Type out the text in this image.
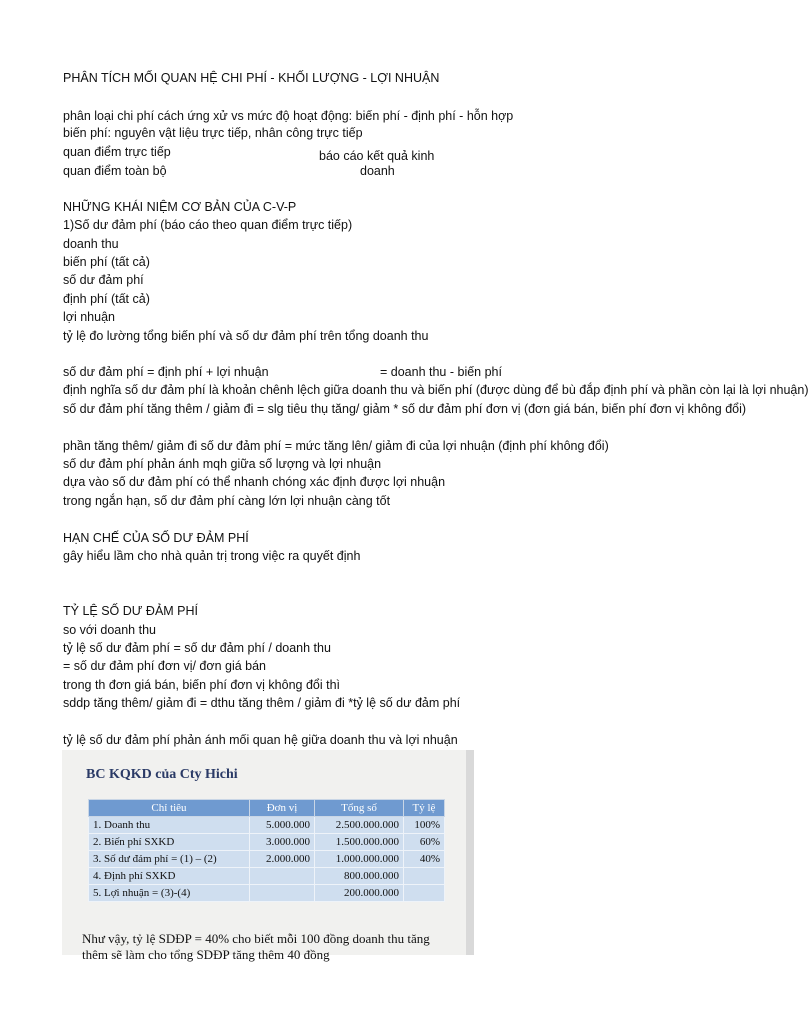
PHÂN TÍCH MỐI QUAN HỆ CHI PHÍ - KHỐI LƯỢNG - LỢI NHUẬN
phân loại chi phí cách ứng xử vs mức độ hoạt động: biến phí - định phí - hỗn hợp
biến phí: nguyên vật liệu trực tiếp, nhân công trực tiếp
quan điểm trực tiếp
quan điểm toàn bộ
báo cáo kết quả kinh
doanh
NHỮNG KHÁI NIỆM CƠ BẢN CỦA C-V-P
1)Số dư đảm phí (báo cáo theo quan điểm trực tiếp)
doanh thu
biến phí (tất cả)
số dư đảm phí
định phí (tất cả)
lợi nhuận
tỷ lệ đo lường tổng biến phí và số dư đảm phí trên tổng doanh thu
số dư đảm phí = định phí + lợi nhuận	= doanh thu - biến phí
định nghĩa số dư đảm phí là khoản chênh lệch giữa doanh thu và biến phí (được dùng để bù đắp định phí và phần còn lại là lợi nhuận)
số dư đảm phí tăng thêm / giảm đi = slg tiêu thụ tăng/ giảm * số dư đảm phí đơn vị (đơn giá bán, biến phí đơn vị không đổi)
phần tăng thêm/ giảm đi số dư đảm phí = mức tăng lên/ giảm đi của lợi nhuận (định phí không đổi)
số dư đảm phí phản ánh mqh giữa số lượng và lợi nhuận
dựa vào số dư đảm phí có thể nhanh chóng xác định được lợi nhuận
trong ngắn hạn, số dư đảm phí càng lớn lợi nhuận càng tốt
HẠN CHẾ CỦA SỐ DƯ ĐẢM PHÍ
gây hiểu lầm cho nhà quản trị trong việc ra quyết định
TỶ LỆ SỐ DƯ ĐẢM PHÍ
so với doanh thu
tỷ lệ số dư đảm phí = số dư đảm phí / doanh thu
= số dư đảm phí đơn vị/ đơn giá bán
trong th đơn giá bán, biến phí đơn vị không đổi thì
sddp tăng thêm/ giảm đi = dthu tăng thêm / giảm đi *tỷ lệ số dư đảm phí
tỷ lệ số dư đảm phí phản ánh mối quan hệ giữa doanh thu và lợi nhuận
BC KQKD của Cty Hichi
Chỉ tiêu	Đơn vị	Tổng số	Tỷ lệ
1. Doanh thu	5.000.000	2.500.000.000	100%
2. Biến phí SXKD	3.000.000	1.500.000.000	60%
3. Số dư đảm phí = (1) – (2)	2.000.000	1.000.000.000	40%
4. Định phí SXKD		800.000.000	
5. Lợi nhuận = (3)-(4)		200.000.000	
Như vậy, tỷ lệ SDĐP = 40% cho biết mỗi 100 đồng doanh thu tăng
thêm sẽ làm cho tổng SDĐP tăng thêm 40 đồng
